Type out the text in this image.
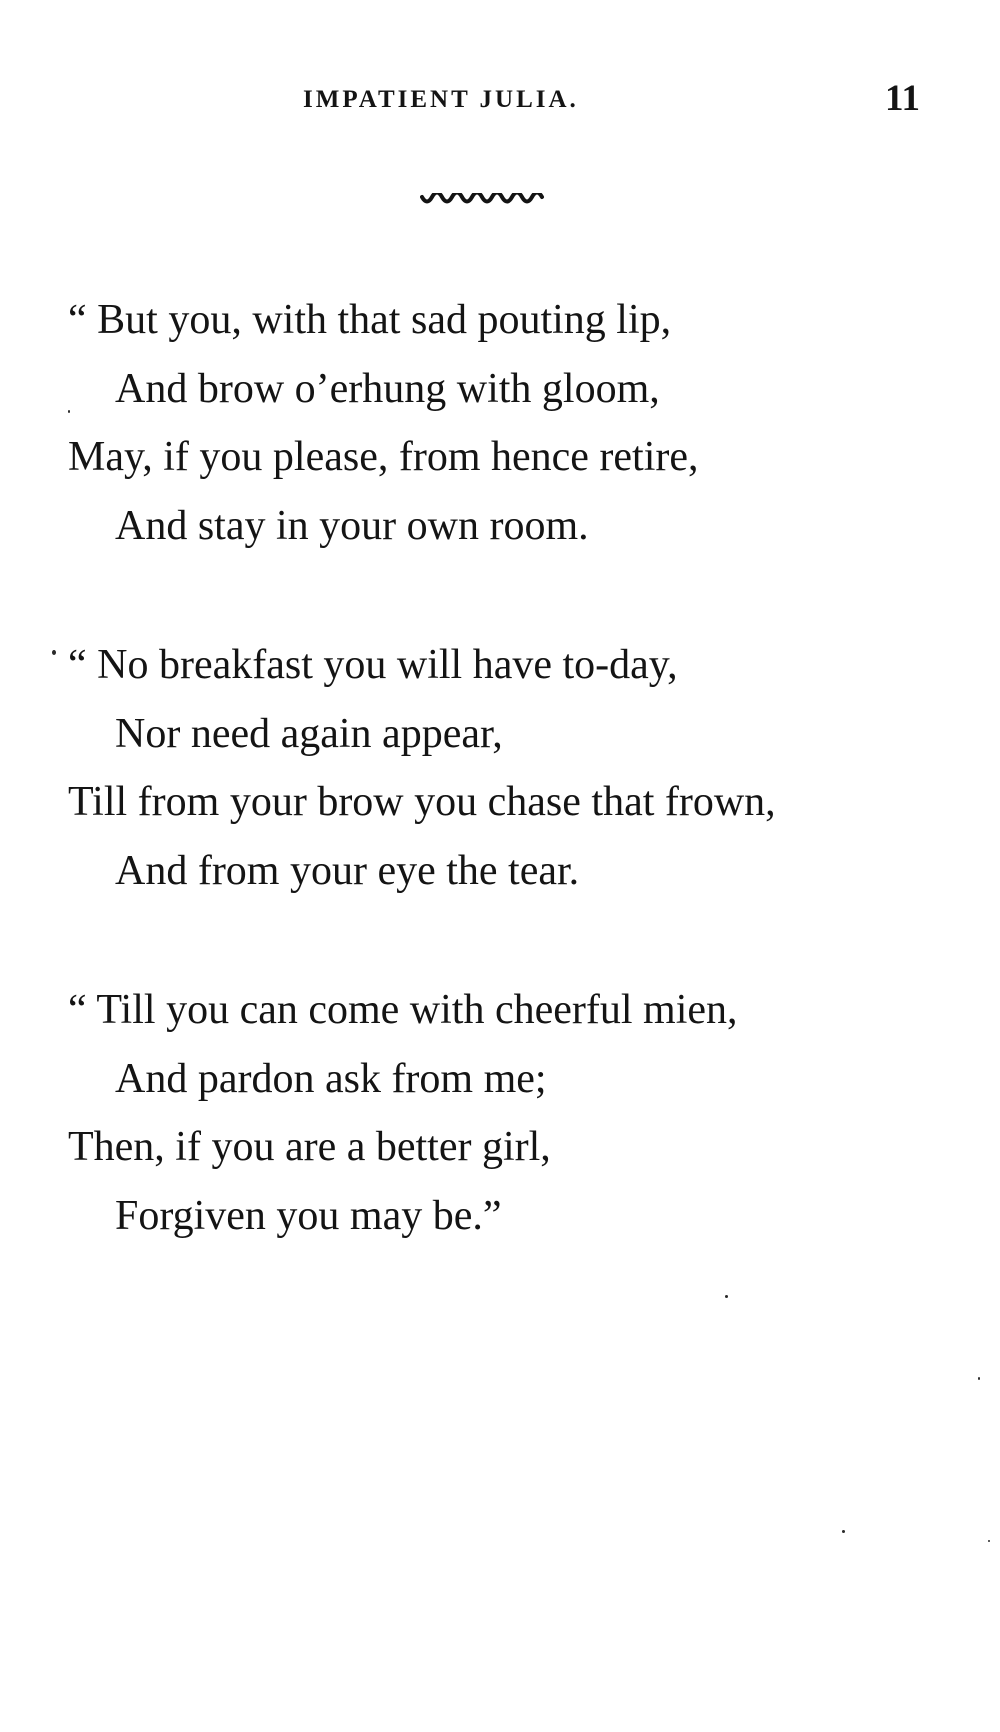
IMPATIENT JULIA.	11
“ But you, with that sad pouting lip,
And brow o’erhung with gloom,
May, if you please, from hence retire,
And stay in your own room.
“ No breakfast you will have to-day,
Nor need again appear,
Till from your brow you chase that frown,
And from your eye the tear.
“ Till you can come with cheerful mien,
And pardon ask from me;
Then, if you are a better girl,
Forgiven you may be.”
